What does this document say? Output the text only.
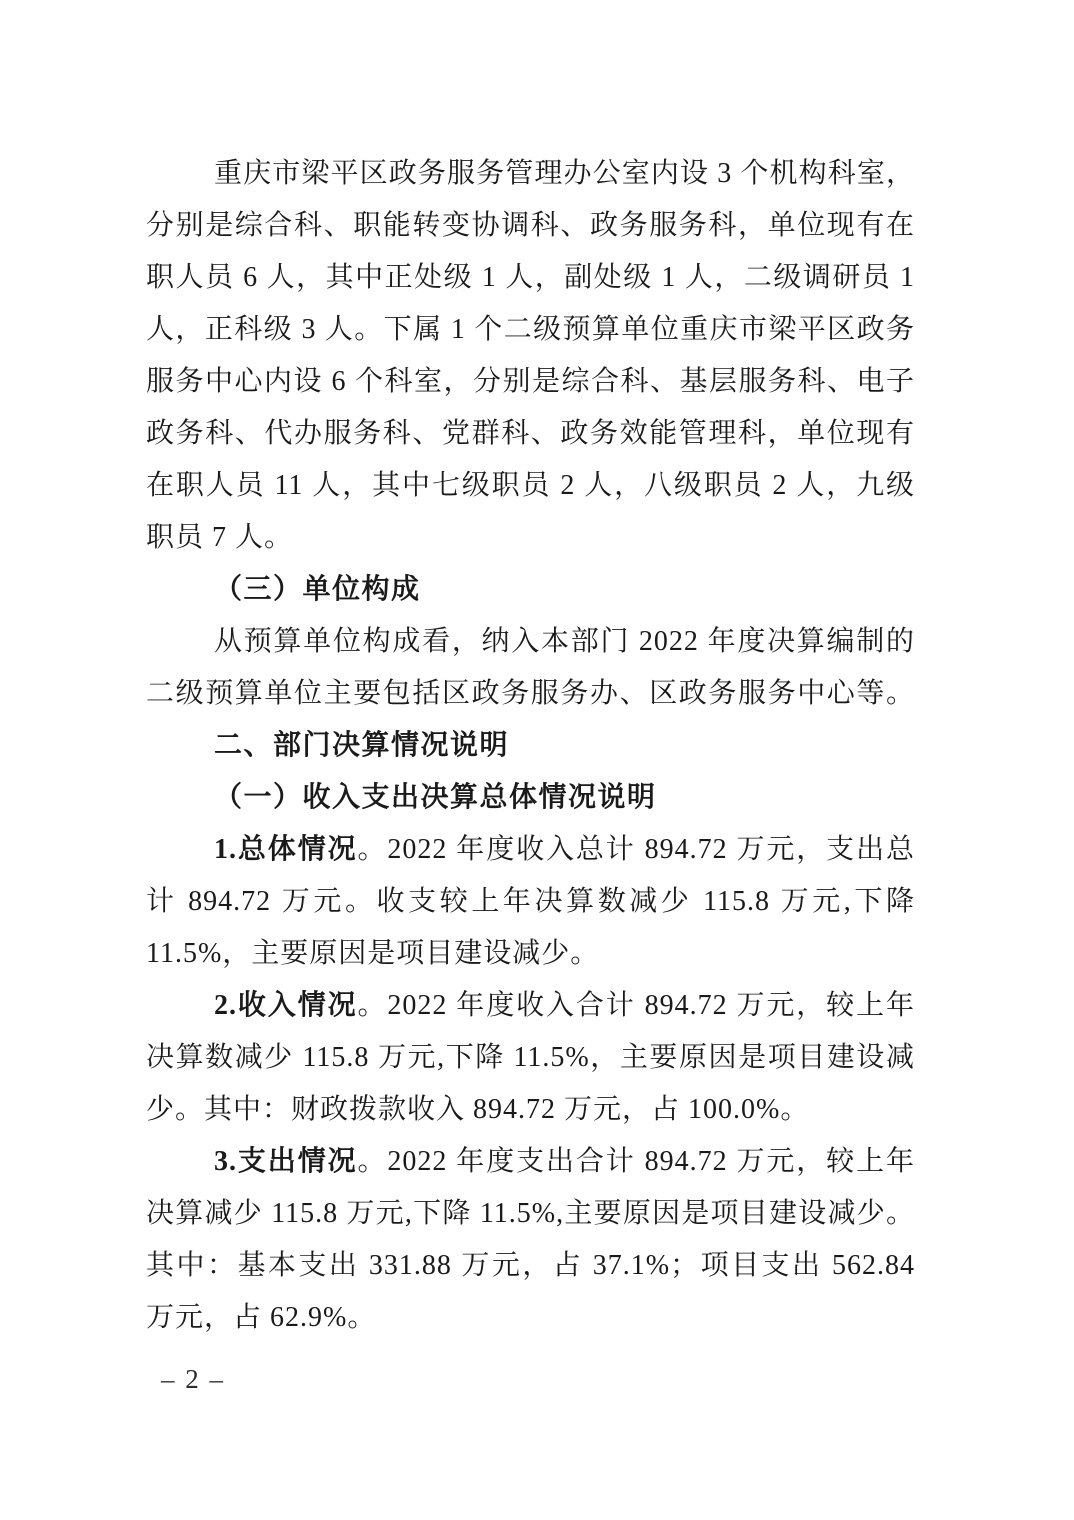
重庆市梁平区政务服务管理办公室内设 3 个机构科室，
分别是综合科、职能转变协调科、政务服务科，单位现有在
职人员 6 人，其中正处级 1 人，副处级 1 人，二级调研员 1
人，正科级 3 人。下属 1 个二级预算单位重庆市梁平区政务
服务中心内设 6 个科室，分别是综合科、基层服务科、电子
政务科、代办服务科、党群科、政务效能管理科，单位现有
在职人员 11 人，其中七级职员 2 人，八级职员 2 人，九级
职员 7 人。
（三）单位构成
从预算单位构成看，纳入本部门 2022 年度决算编制的
二级预算单位主要包括区政务服务办、区政务服务中心等。
二、部门决算情况说明
（一）收入支出决算总体情况说明
1.总体情况。2022 年度收入总计 894.72 万元，支出总
计 894.72 万元。收支较上年决算数减少 115.8 万元,下降
11.5%，主要原因是项目建设减少。
2.收入情况。2022 年度收入合计 894.72 万元，较上年
决算数减少 115.8 万元,下降 11.5%，主要原因是项目建设减
少。其中：财政拨款收入 894.72 万元，占 100.0%。
3.支出情况。2022 年度支出合计 894.72 万元，较上年
决算减少 115.8 万元,下降 11.5%,主要原因是项目建设减少。
其中：基本支出 331.88 万元，占 37.1%；项目支出 562.84
万元，占 62.9%。
– 2 –
